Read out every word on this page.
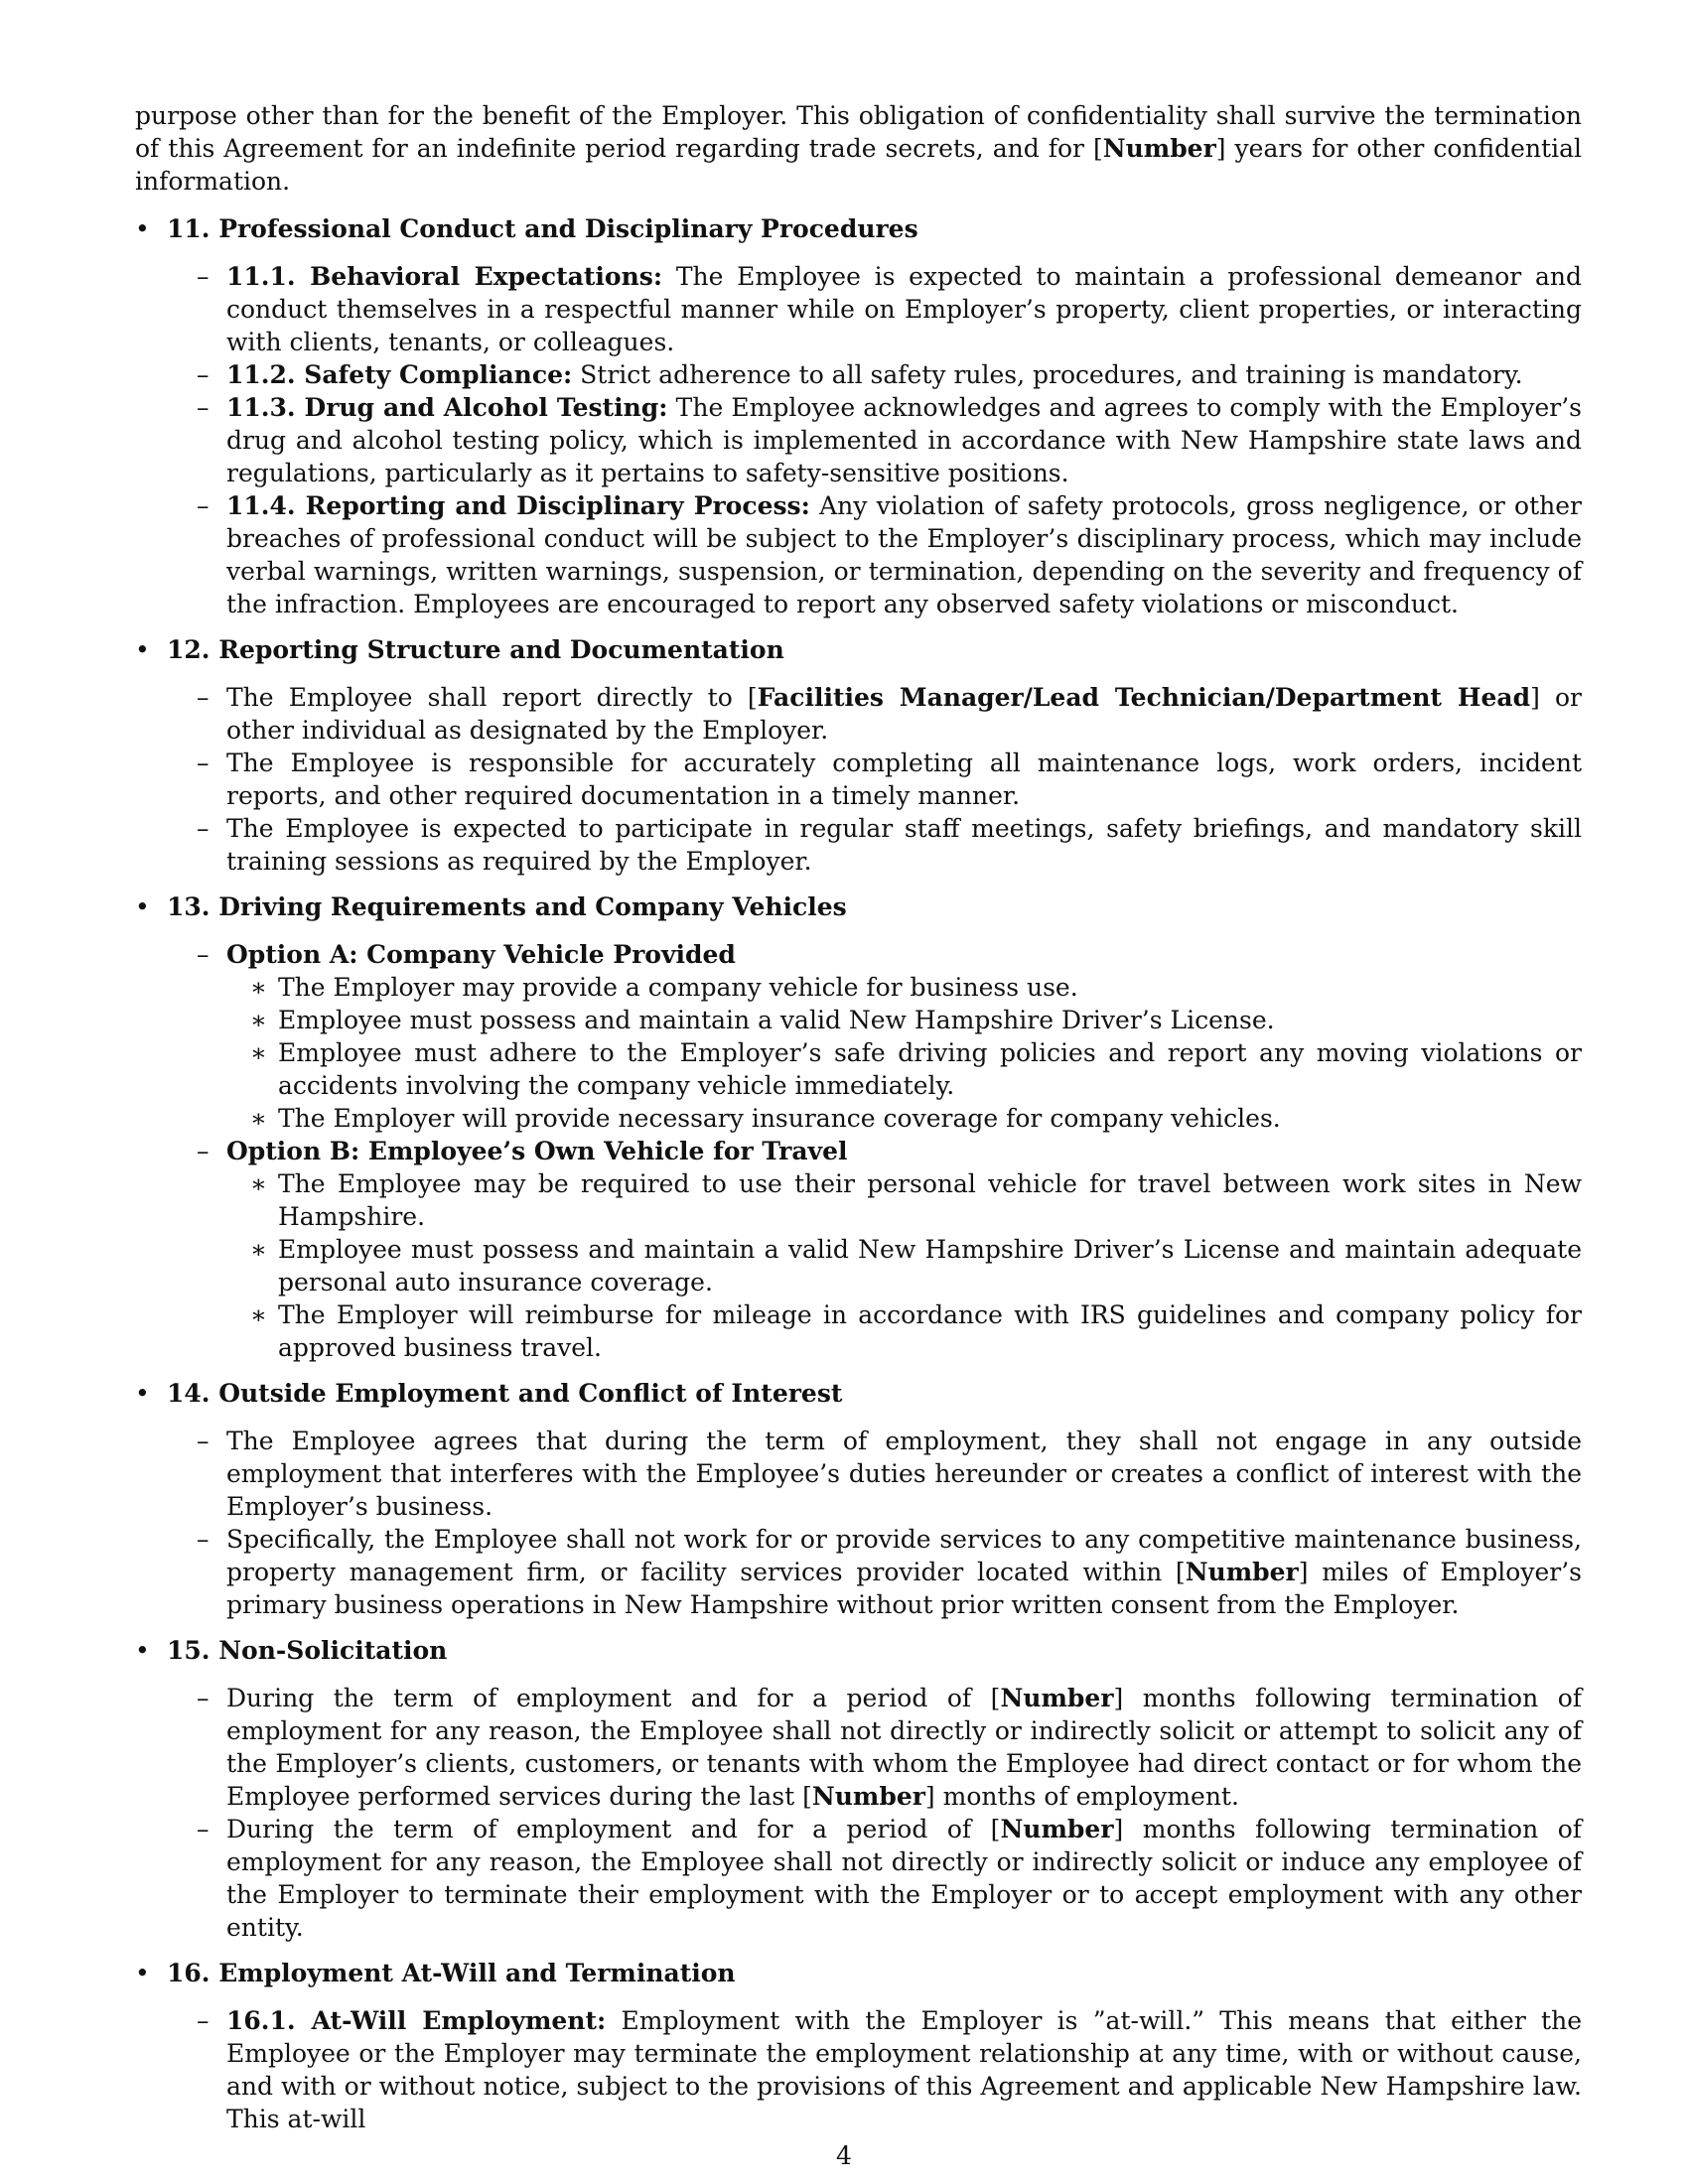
purpose other than for the benefit of the Employer. This obligation of confidentiality shall survive the termination of this Agreement for an indefinite period regarding trade secrets, and for [Number] years for other confidential information.

• 11. Professional Conduct and Disciplinary Procedures
– 11.1. Behavioral Expectations: The Employee is expected to maintain a professional demeanor and conduct themselves in a respectful manner while on Employer’s property, client properties, or interacting with clients, tenants, or colleagues.
– 11.2. Safety Compliance: Strict adherence to all safety rules, procedures, and training is mandatory.
– 11.3. Drug and Alcohol Testing: The Employee acknowledges and agrees to comply with the Employer’s drug and alcohol testing policy, which is implemented in accordance with New Hampshire state laws and regulations, particularly as it pertains to safety-sensitive positions.
– 11.4. Reporting and Disciplinary Process: Any violation of safety protocols, gross negligence, or other breaches of professional conduct will be subject to the Employer’s disciplinary process, which may include verbal warnings, written warnings, suspension, or termination, depending on the severity and frequency of the infraction. Employees are encouraged to report any observed safety violations or misconduct.
• 12. Reporting Structure and Documentation
– The Employee shall report directly to [Facilities Manager/Lead Technician/Department Head] or other individual as designated by the Employer.
– The Employee is responsible for accurately completing all maintenance logs, work orders, incident reports, and other required documentation in a timely manner.
– The Employee is expected to participate in regular staff meetings, safety briefings, and mandatory skill training sessions as required by the Employer.
• 13. Driving Requirements and Company Vehicles
– Option A: Company Vehicle Provided
∗ The Employer may provide a company vehicle for business use.
∗ Employee must possess and maintain a valid New Hampshire Driver’s License.
∗ Employee must adhere to the Employer’s safe driving policies and report any moving violations or accidents involving the company vehicle immediately.
∗ The Employer will provide necessary insurance coverage for company vehicles.
– Option B: Employee’s Own Vehicle for Travel
∗ The Employee may be required to use their personal vehicle for travel between work sites in New Hampshire.
∗ Employee must possess and maintain a valid New Hampshire Driver’s License and maintain adequate personal auto insurance coverage.
∗ The Employer will reimburse for mileage in accordance with IRS guidelines and company policy for approved business travel.
• 14. Outside Employment and Conflict of Interest
– The Employee agrees that during the term of employment, they shall not engage in any outside employment that interferes with the Employee’s duties hereunder or creates a conflict of interest with the Employer’s business.
– Specifically, the Employee shall not work for or provide services to any competitive maintenance business, property management firm, or facility services provider located within [Number] miles of Employer’s primary business operations in New Hampshire without prior written consent from the Employer.
• 15. Non-Solicitation
– During the term of employment and for a period of [Number] months following termination of employment for any reason, the Employee shall not directly or indirectly solicit or attempt to solicit any of the Employer’s clients, customers, or tenants with whom the Employee had direct contact or for whom the Employee performed services during the last [Number] months of employment.
– During the term of employment and for a period of [Number] months following termination of employment for any reason, the Employee shall not directly or indirectly solicit or induce any employee of the Employer to terminate their employment with the Employer or to accept employment with any other entity.
• 16. Employment At-Will and Termination
– 16.1. At-Will Employment: Employment with the Employer is ”at-will.” This means that either the Employee or the Employer may terminate the employment relationship at any time, with or without cause, and with or without notice, subject to the provisions of this Agreement and applicable New Hampshire law. This at-will
4
